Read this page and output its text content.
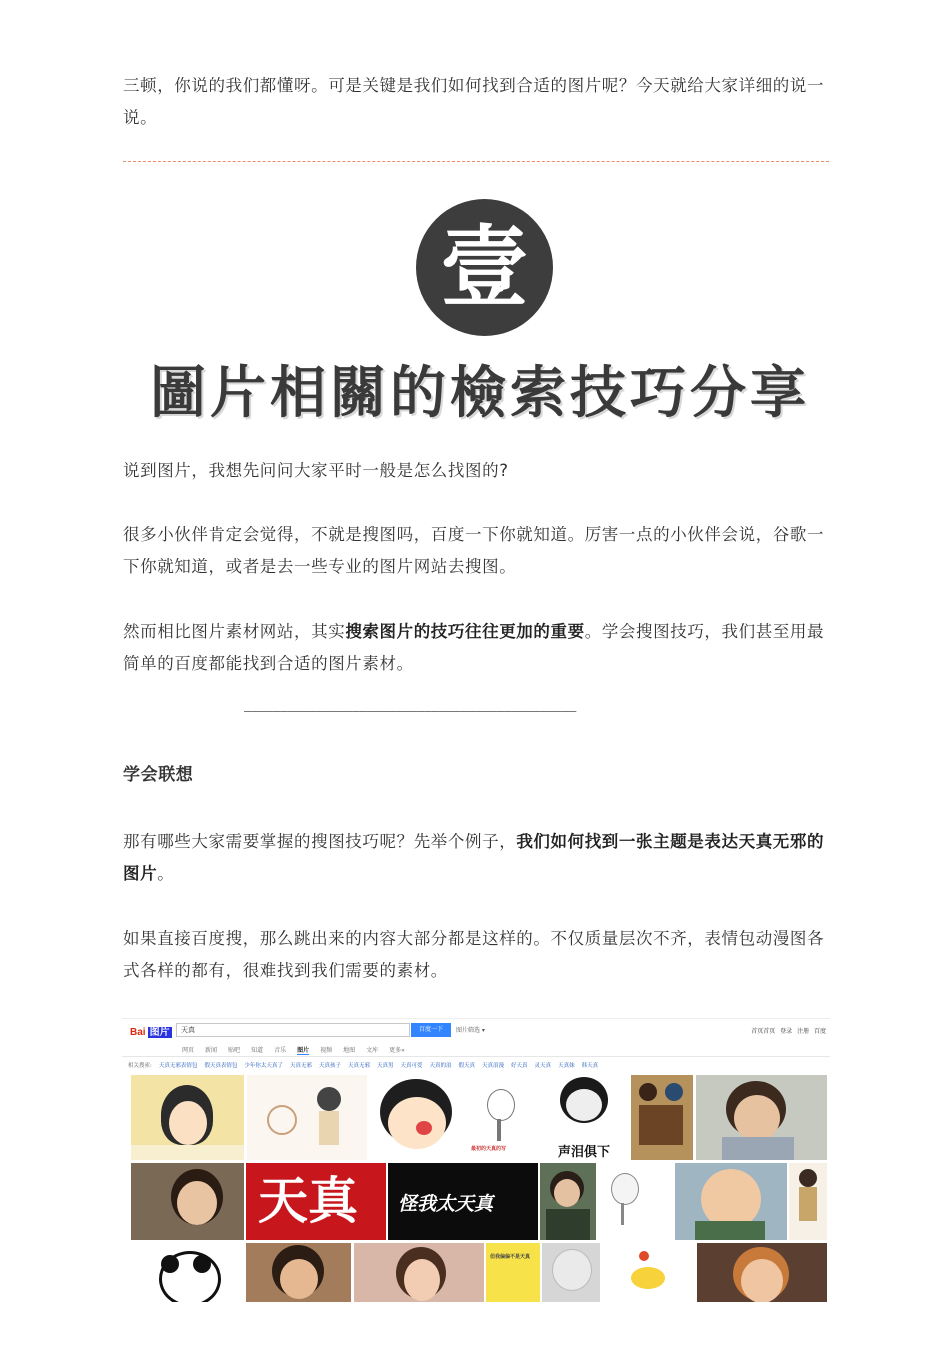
三顿，你说的我们都懂呀。可是关键是我们如何找到合适的图片呢？今天就给大家详细的说一说。

壹
圖片相關的檢索技巧分享

说到图片，我想先问问大家平时一般是怎么找图的?

很多小伙伴肯定会觉得，不就是搜图吗，百度一下你就知道。厉害一点的小伙伴会说，谷歌一下你就知道，或者是去一些专业的图片网站去搜图。

然而相比图片素材网站，其实搜索图片的技巧往往更加的重要。学会搜图技巧，我们甚至用最简单的百度都能找到合适的图片素材。

——————————————————————————————————————————————
学会联想

那有哪些大家需要掌握的搜图技巧呢？先举个例子，我们如何找到一张主题是表达天真无邪的图片。

如果直接百度搜，那么跳出来的内容大部分都是这样的。不仅质量层次不齐，表情包动漫图各式各样的都有，很难找到我们需要的素材。

Bai 图片	天真	百度一下	图片筛选 ▾	首页首页 登录 注册 百度
网页 新闻 贴吧 知道 音乐 图片 视频 地图 文库 更多»
相关搜索: 天真无邪表情包 假天真表情包 少年你太天真了 天真无邪 天真孩子 天真无邪 天真男 天真可爱 天真的浪 假天真 天真浪漫 好天真 灵天真 天真妹 韩天真
最初的天真的写	声泪俱下
天真 怪我太天真
但我偏偏不是天真
